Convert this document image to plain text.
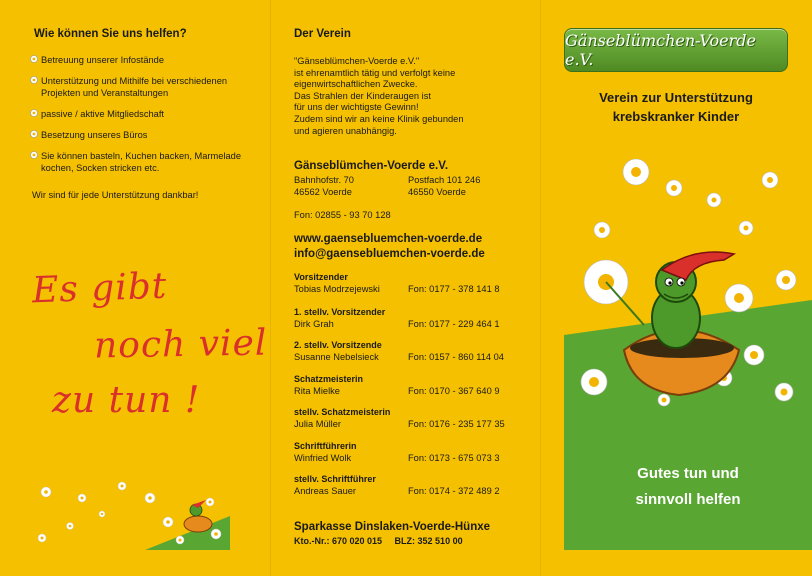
Wie können Sie uns helfen?
Betreuung unserer Infostände
Unterstützung und Mithilfe bei verschiedenen Projekten und Veranstaltungen
passive / aktive Mitgliedschaft
Besetzung unseres Büros
Sie können basteln, Kuchen backen, Marmelade kochen, Socken stricken etc.

Wir sind für jede Unterstützung dankbar!

Es gibt

noch viel

zu tun !

Der Verein

"Gänseblümchen-Voerde e.V."
ist ehrenamtlich tätig und verfolgt keine
eigenwirtschaftlichen Zwecke.
Das Strahlen der Kinderaugen ist
für uns der wichtigste Gewinn!
Zudem sind wir an keine Klinik gebunden
und agieren unabhängig.

Gänseblümchen-Voerde e.V.

Bahnhofstr. 70	Postfach 101 246

46562 Voerde	46550 Voerde

Fon: 02855 - 93 70 128

www.gaensebluemchen-voerde.de

info@gaensebluemchen-voerde.de

Vorsitzender

Tobias Modrzejewski	Fon: 0177 - 378 141 8

1. stellv. Vorsitzender

Dirk Grah	Fon: 0177 - 229 464 1

2. stellv. Vorsitzende

Susanne Nebelsieck	Fon: 0157 - 860 114 04

Schatzmeisterin

Rita Mielke	Fon: 0170 - 367 640 9

stellv. Schatzmeisterin

Julia Müller	Fon: 0176 - 235 177 35

Schriftführerin

Winfried Wolk	Fon: 0173 - 675 073 3

stellv. Schriftführer

Andreas Sauer	Fon: 0174 - 372 489 2

Sparkasse Dinslaken-Voerde-Hünxe

Kto.-Nr.: 670 020 015     BLZ: 352 510 00

Gänseblümchen-Voerde e.V.

Verein zur Unterstützung
krebskranker Kinder

Gutes tun und
sinnvoll helfen
